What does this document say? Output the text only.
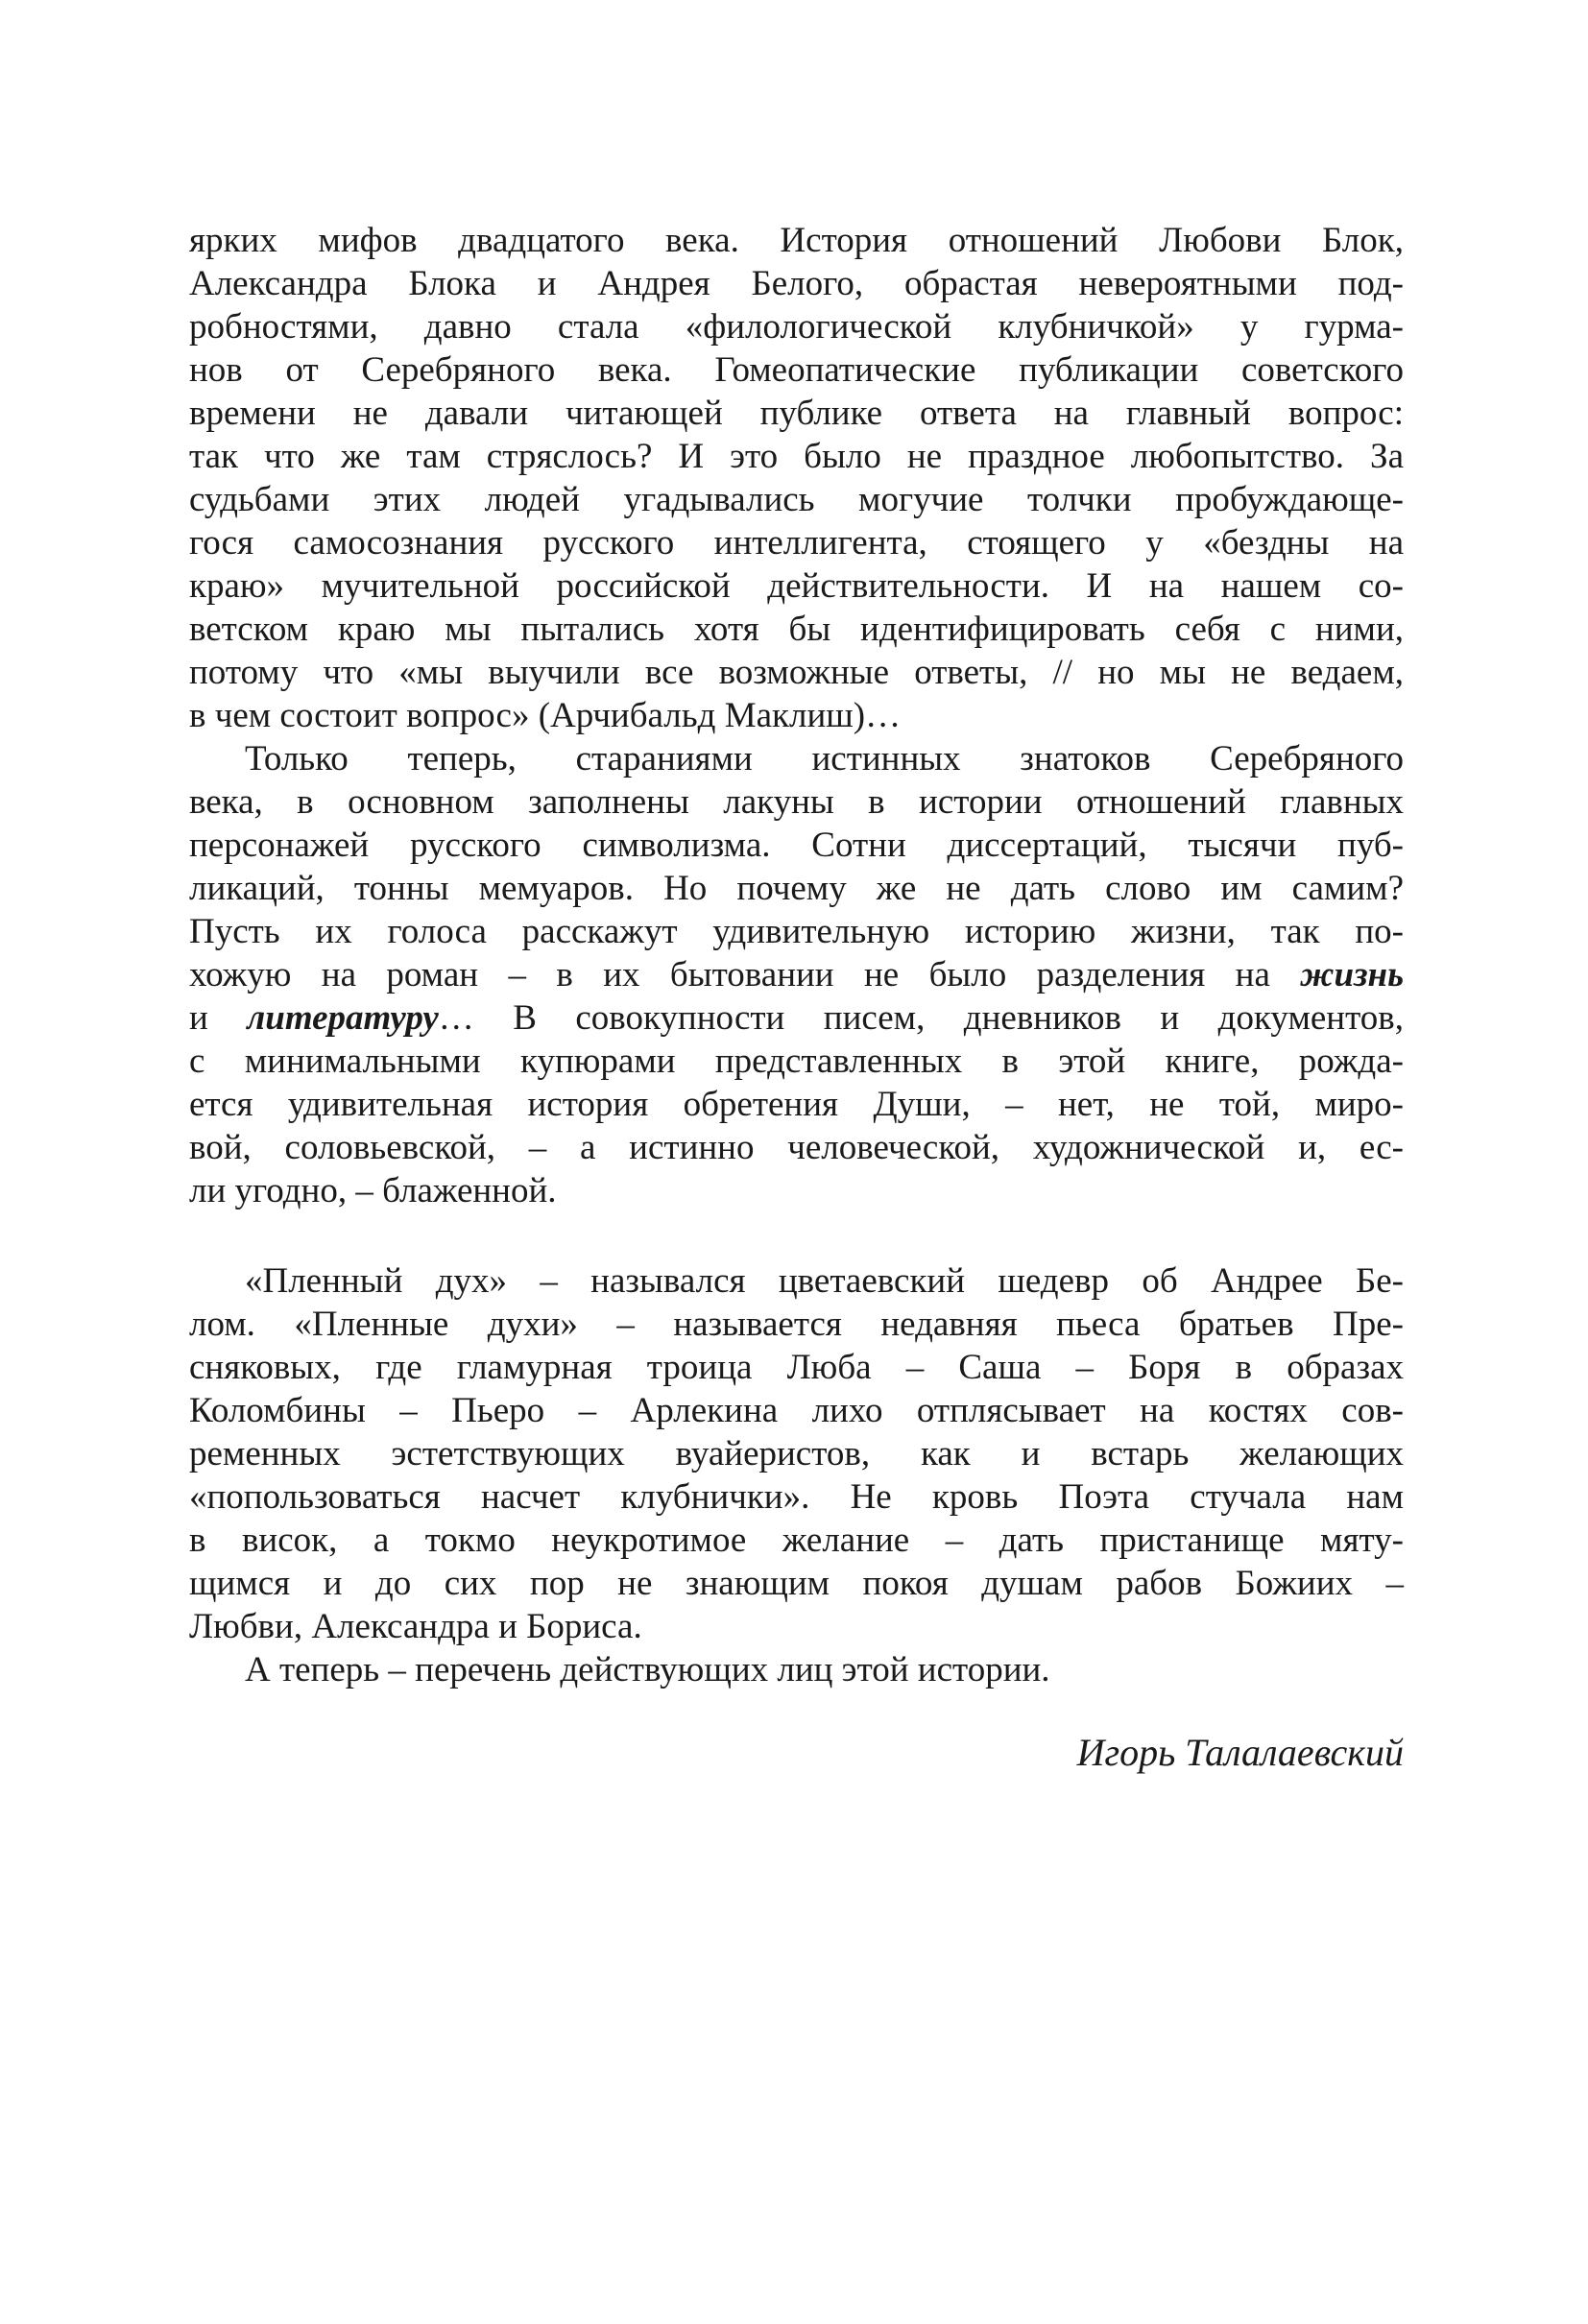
ярких мифов двадцатого века. История отношений Любови Блок,
Александра Блока и Андрея Белого, обрастая невероятными под-
робностями, давно стала «филологической клубничкой» у гурма-
нов от Серебряного века. Гомеопатические публикации советского
времени не давали читающей публике ответа на главный вопрос:
так что же там стряслось? И это было не праздное любопытство. За
судьбами этих людей угадывались могучие толчки пробуждающе-
гося самосознания русского интеллигента, стоящего у «бездны на
краю» мучительной российской действительности. И на нашем со-
ветском краю мы пытались хотя бы идентифицировать себя с ними,
потому что «мы выучили все возможные ответы, // но мы не ведаем,
в чем состоит вопрос» (Арчибальд Маклиш)…
Только теперь, стараниями истинных знатоков Серебряного
века, в основном заполнены лакуны в истории отношений главных
персонажей русского символизма. Сотни диссертаций, тысячи пуб-
ликаций, тонны мемуаров. Но почему же не дать слово им самим?
Пусть их голоса расскажут удивительную историю жизни, так по-
хожую на роман – в их бытовании не было разделения на жизнь
и литературу… В совокупности писем, дневников и документов,
с минимальными купюрами представленных в этой книге, рожда-
ется удивительная история обретения Души, – нет, не той, миро-
вой, соловьевской, – а истинно человеческой, художнической и, ес-
ли угодно, – блаженной.
«Пленный дух» – назывался цветаевский шедевр об Андрее Бе-
лом. «Пленные духи» – называется недавняя пьеса братьев Пре-
сняковых, где гламурная троица Люба – Саша – Боря в образах
Коломбины – Пьеро – Арлекина лихо отплясывает на костях сов-
ременных эстетствующих вуайеристов, как и встарь желающих
«попользоваться насчет клубнички». Не кровь Поэта стучала нам
в висок, а токмо неукротимое желание – дать пристанище мяту-
щимся и до сих пор не знающим покоя душам рабов Божиих –
Любви, Александра и Бориса.
А теперь – перечень действующих лиц этой истории.
Игорь Талалаевский
